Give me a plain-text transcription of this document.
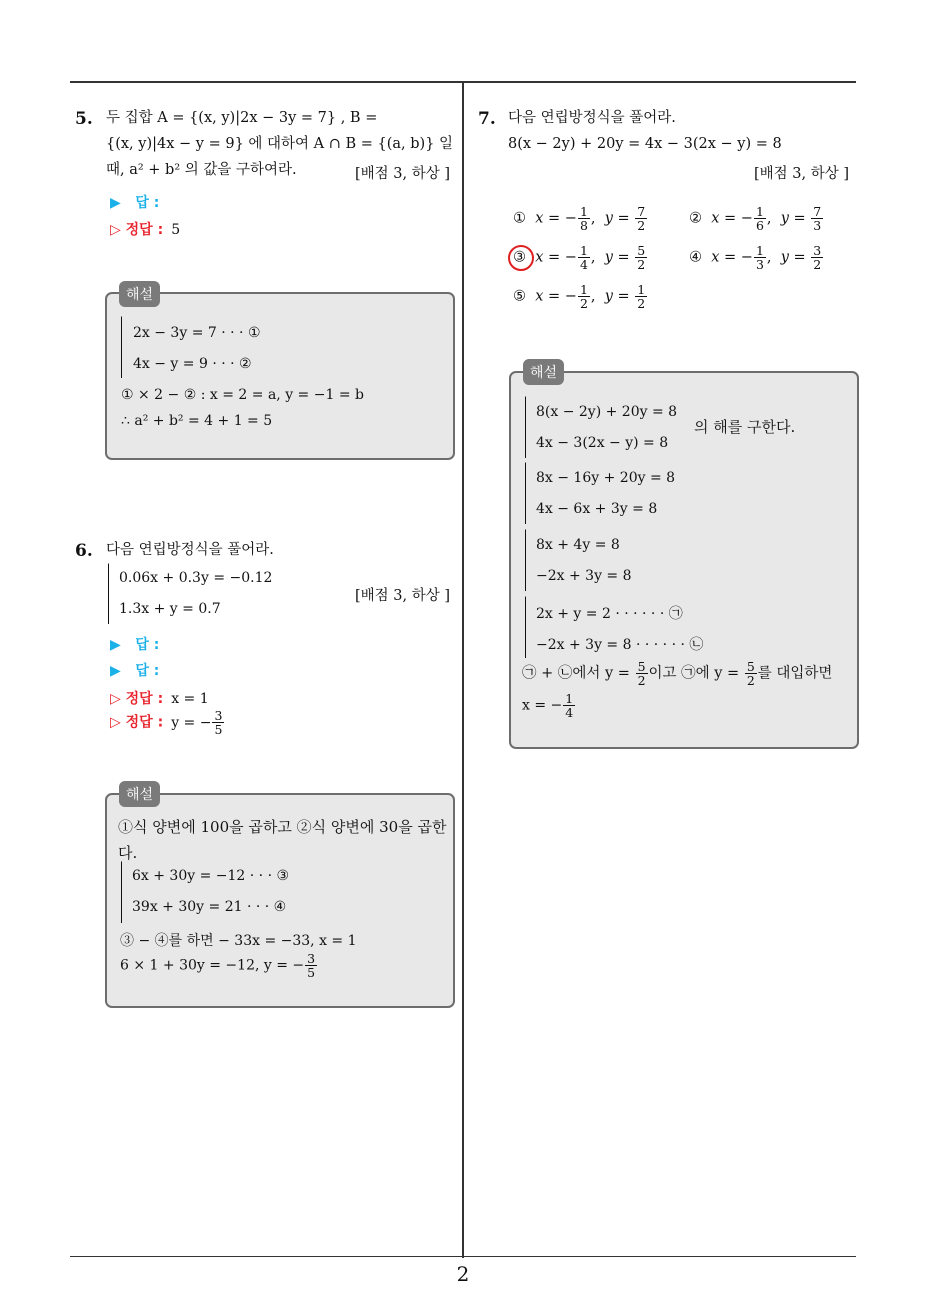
2
5. 두 집합 A = {(x, y)|2x − 3y = 7} , B =
{(x, y)|4x − y = 9} 에 대하여 A ∩ B = {(a, b)} 일
때, a² + b² 의 값을 구하여라.	[배점 3, 하상 ]
▶ 답 :
▷ 정답 : 5
해설
2x − 3y = 7 · · · ①
4x − y = 9 · · · ②
① × 2 − ② : x = 2 = a, y = −1 = b
∴ a² + b² = 4 + 1 = 5
6. 다음 연립방정식을 풀어라.
0.06x + 0.3y = −0.12
1.3x + y = 0.7
[배점 3, 하상 ]
▶ 답 :
▶ 답 :
▷ 정답 : x = 1
▷ 정답 : y = − $\frac{3}{5}$
해설
①식 양변에 100을 곱하고 ②식 양변에 30을 곱한
다.
6x + 30y = −12 · · · ③
39x + 30y = 21 · · · ④
③ − ④를 하면 − 33x = −33, x = 1
6 × 1 + 30y = −12, y = − $\frac{3}{5}$
7. 다음 연립방정식을 풀어라.
8(x − 2y) + 20y = 4x − 3(2x − y) = 8
[배점 3, 하상 ]
① x = − $\frac{1}{8}$ ,  $y = \frac{7}{2}$	② x = − $\frac{1}{6}$ ,  $y = \frac{7}{3}$
③ x = − $\frac{1}{4}$ ,  $y = \frac{5}{2}$	④ x = − $\frac{1}{3}$ ,  $y = \frac{3}{2}$
⑤ x = − $\frac{1}{2}$ ,  $y = \frac{1}{2}$
해설
8(x − 2y) + 20y = 8
4x − 3(2x − y) = 8
의 해를 구한다.
8x − 16y + 20y = 8
4x − 6x + 3y = 8
8x + 4y = 8
−2x + 3y = 8
2x + y = 2 · · · · · · ㉠
−2x + 3y = 8 · · · · · · ㉡
㉠ + ㉡에서 $y = \frac{5}{2}$ 이고 ㉠에 $y = \frac{5}{2}$ 를 대입하면
x = − $\frac{1}{4}$
